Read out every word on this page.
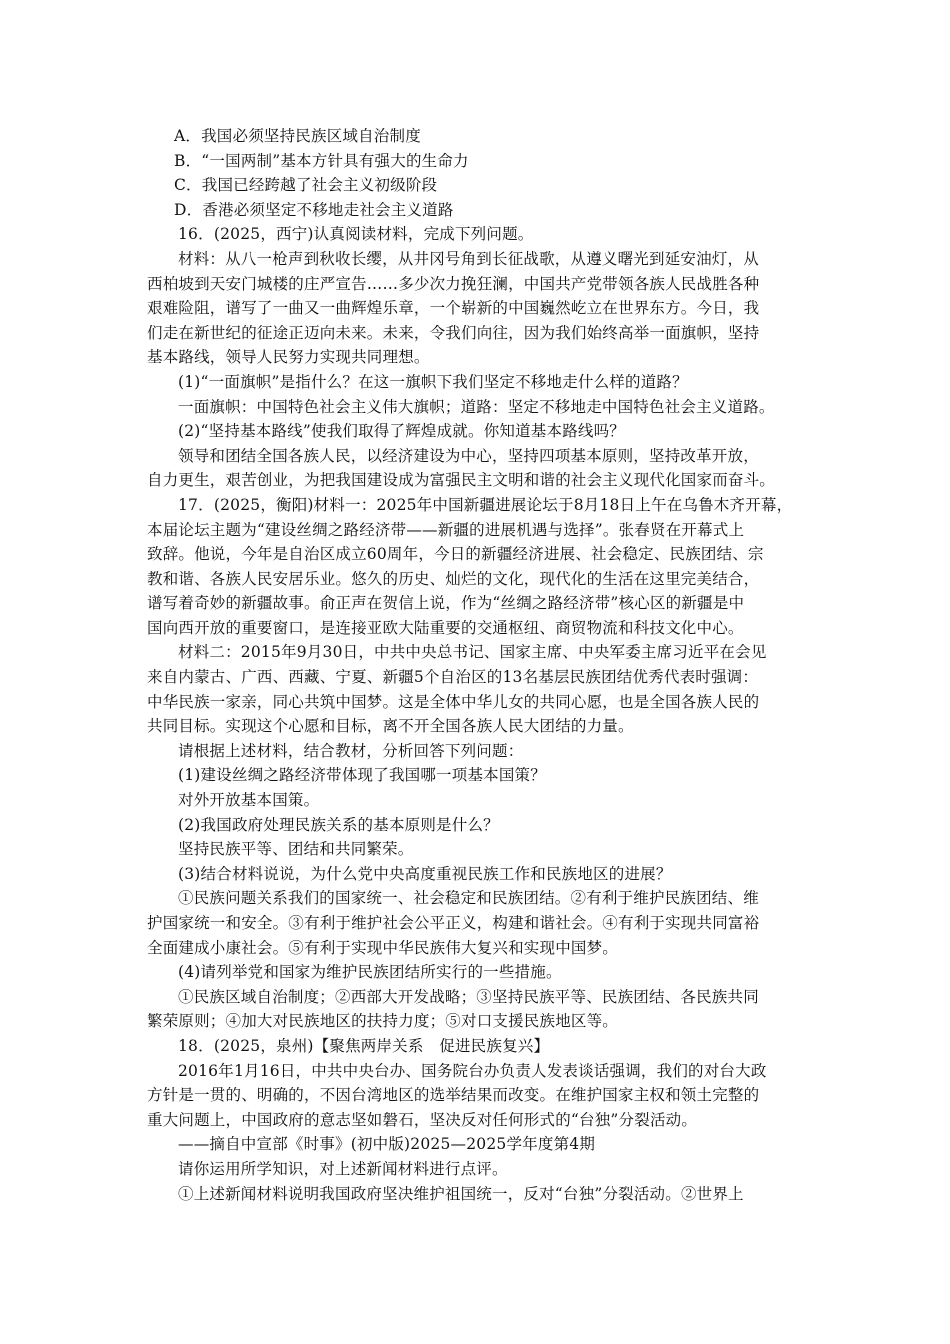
A．我国必须坚持民族区域自治制度
B．“一国两制”基本方针具有强大的生命力
C．我国已经跨越了社会主义初级阶段
D．香港必须坚定不移地走社会主义道路
16．(2025，西宁)认真阅读材料，完成下列问题。
材料：从八一枪声到秋收长缨，从井冈号角到长征战歌，从遵义曙光到延安油灯，从
西柏坡到天安门城楼的庄严宣告……多少次力挽狂澜，中国共产党带领各族人民战胜各种
艰难险阻，谱写了一曲又一曲辉煌乐章，一个崭新的中国巍然屹立在世界东方。今日，我
们走在新世纪的征途正迈向未来。未来，令我们向往，因为我们始终高举一面旗帜，坚持
基本路线，领导人民努力实现共同理想。
(1)“一面旗帜”是指什么？在这一旗帜下我们坚定不移地走什么样的道路？
一面旗帜：中国特色社会主义伟大旗帜；道路：坚定不移地走中国特色社会主义道路。
(2)“坚持基本路线”使我们取得了辉煌成就。你知道基本路线吗？
领导和团结全国各族人民，以经济建设为中心，坚持四项基本原则，坚持改革开放，
自力更生，艰苦创业，为把我国建设成为富强民主文明和谐的社会主义现代化国家而奋斗。
17．(2025，衡阳)材料一：2025年中国新疆进展论坛于8月18日上午在乌鲁木齐开幕，
本届论坛主题为“建设丝绸之路经济带——新疆的进展机遇与选择”。张春贤在开幕式上
致辞。他说，今年是自治区成立60周年，今日的新疆经济进展、社会稳定、民族团结、宗
教和谐、各族人民安居乐业。悠久的历史、灿烂的文化，现代化的生活在这里完美结合，
谱写着奇妙的新疆故事。俞正声在贺信上说，作为“丝绸之路经济带”核心区的新疆是中
国向西开放的重要窗口，是连接亚欧大陆重要的交通枢纽、商贸物流和科技文化中心。
材料二：2015年9月30日，中共中央总书记、国家主席、中央军委主席习近平在会见
来自内蒙古、广西、西藏、宁夏、新疆5个自治区的13名基层民族团结优秀代表时强调：
中华民族一家亲，同心共筑中国梦。这是全体中华儿女的共同心愿，也是全国各族人民的
共同目标。实现这个心愿和目标，离不开全国各族人民大团结的力量。
请根据上述材料，结合教材，分析回答下列问题：
(1)建设丝绸之路经济带体现了我国哪一项基本国策？
对外开放基本国策。
(2)我国政府处理民族关系的基本原则是什么？
坚持民族平等、团结和共同繁荣。
(3)结合材料说说，为什么党中央高度重视民族工作和民族地区的进展？
①民族问题关系我们的国家统一、社会稳定和民族团结。②有利于维护民族团结、维
护国家统一和安全。③有利于维护社会公平正义，构建和谐社会。④有利于实现共同富裕
全面建成小康社会。⑤有利于实现中华民族伟大复兴和实现中国梦。
(4)请列举党和国家为维护民族团结所实行的一些措施。
①民族区域自治制度；②西部大开发战略；③坚持民族平等、民族团结、各民族共同
繁荣原则；④加大对民族地区的扶持力度；⑤对口支援民族地区等。
18．(2025，泉州)【聚焦两岸关系　促进民族复兴】
2016年1月16日，中共中央台办、国务院台办负责人发表谈话强调，我们的对台大政
方针是一贯的、明确的，不因台湾地区的选举结果而改变。在维护国家主权和领土完整的
重大问题上，中国政府的意志坚如磐石，坚决反对任何形式的“台独”分裂活动。
——摘自中宣部《时事》(初中版)2025—2025学年度第4期
请你运用所学知识，对上述新闻材料进行点评。
①上述新闻材料说明我国政府坚决维护祖国统一，反对“台独”分裂活动。②世界上
